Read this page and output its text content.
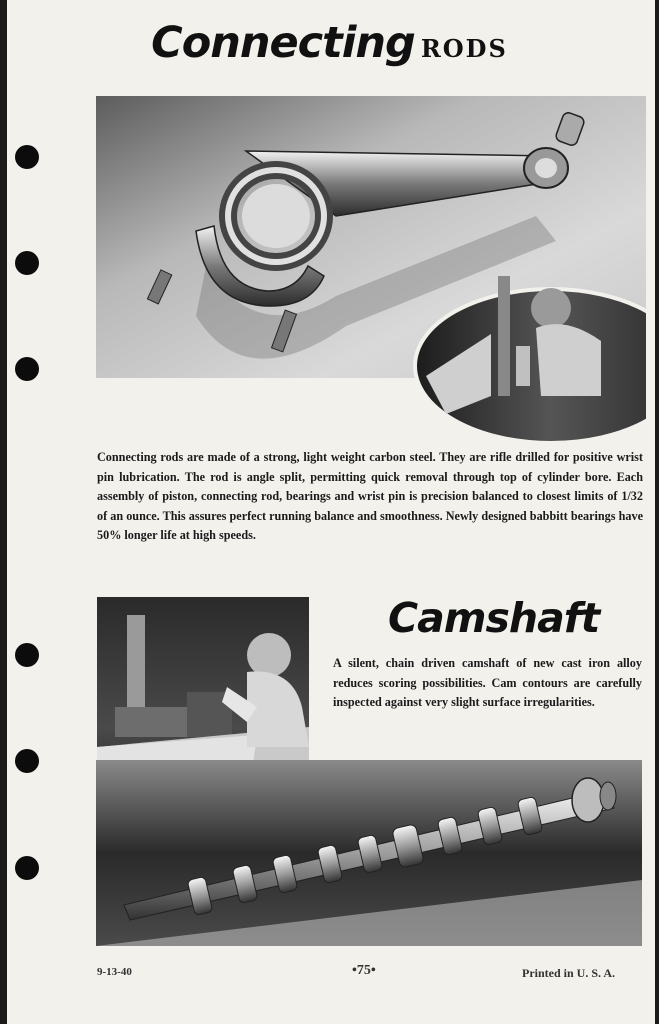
Connecting RODS
Connecting rods are made of a strong, light weight carbon steel. They are rifle drilled for positive wrist pin lubrication. The rod is angle split, permitting quick removal through top of cylinder bore. Each assembly of piston, connecting rod, bearings and wrist pin is precision balanced to closest limits of 1/32 of an ounce. This assures perfect running balance and smoothness. Newly designed babbitt bearings have 50% longer life at high speeds.
Camshaft
A silent, chain driven camshaft of new cast iron alloy reduces scoring possibilities. Cam contours are carefully inspected against very slight surface irregularities.
9-13-40	•75•	Printed in U. S. A.
